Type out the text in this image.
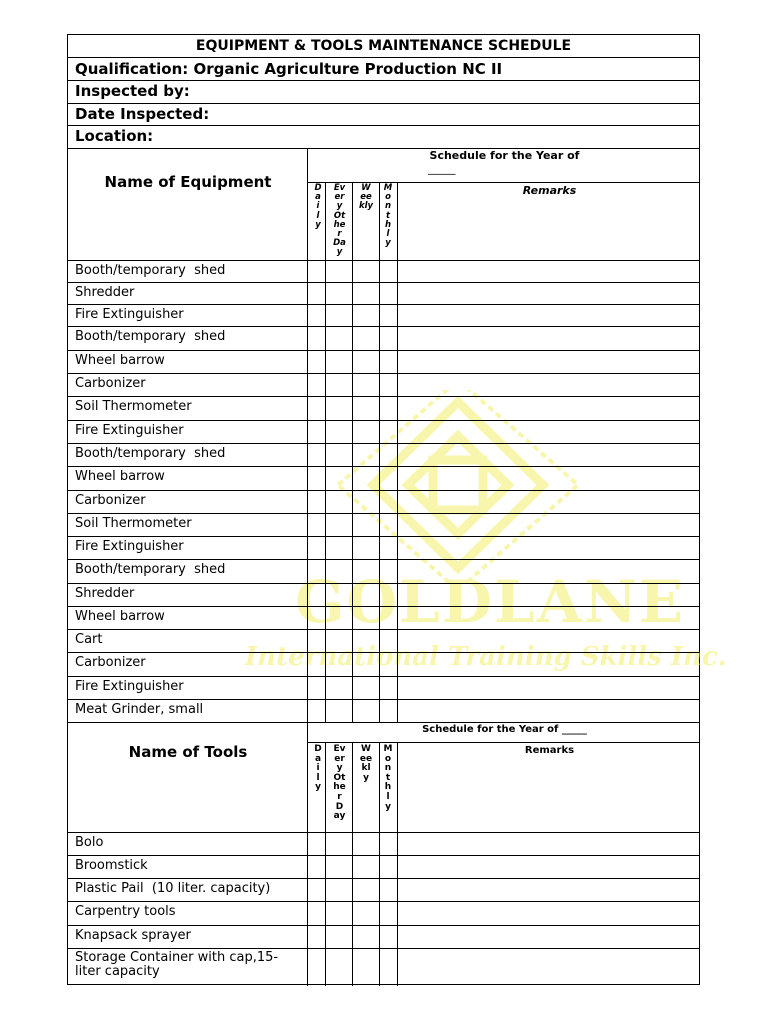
GOLDLANE
International Training Skills Inc.
EQUIPMENT & TOOLS MAINTENANCE SCHEDULE
Qualification: Organic Agriculture Production NC II
Inspected by:
Date Inspected:
Location:
Name of Equipment
Schedule for the Year of
_____
D
a
i
l
y
Ev
er
y
Ot
he
r
Da
y
W
ee
kly
M
o
n
t
h
l
y
Remarks
Booth/temporary  shed
Shredder
Fire Extinguisher
Booth/temporary  shed
Wheel barrow
Carbonizer
Soil Thermometer
Fire Extinguisher
Booth/temporary  shed
Wheel barrow
Carbonizer
Soil Thermometer
Fire Extinguisher
Booth/temporary  shed
Shredder
Wheel barrow
Cart
Carbonizer
Fire Extinguisher
Meat Grinder, small
Name of Tools
Schedule for the Year of _____
D
a
i
l
y
Ev
er
y
Ot
he
r
D
ay
W
ee
kl
y
M
o
n
t
h
l
y
Remarks
Bolo
Broomstick
Plastic Pail  (10 liter. capacity)
Carpentry tools
Knapsack sprayer
Storage Container with cap,15-
liter capacity
